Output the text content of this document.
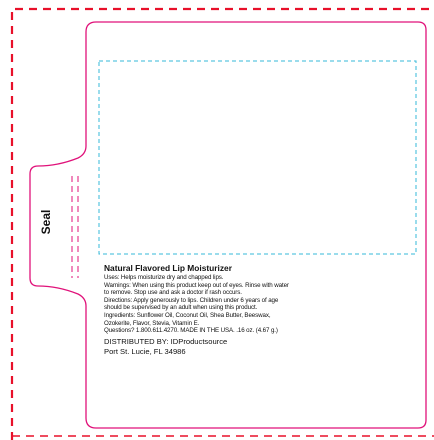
Seal

Natural Flavored Lip Moisturizer

Uses: Helps moisturize dry and chapped lips.

Warnings: When using this product keep out of eyes. Rinse with water

to remove. Stop use and ask a doctor if rash occurs.

Directions: Apply generously to lips. Children under 6 years of age

should be supervised by an adult when using this product.

Ingredients: Sunflower Oil, Coconut Oil, Shea Butter, Beeswax,

Ozokerite, Flavor, Stevia, Vitamin E.

Questions? 1.800.611.4270. MADE IN THE USA. .16 oz. (4.67 g.)

DISTRIBUTED BY: IDProductsource

Port St. Lucie, FL 34986
